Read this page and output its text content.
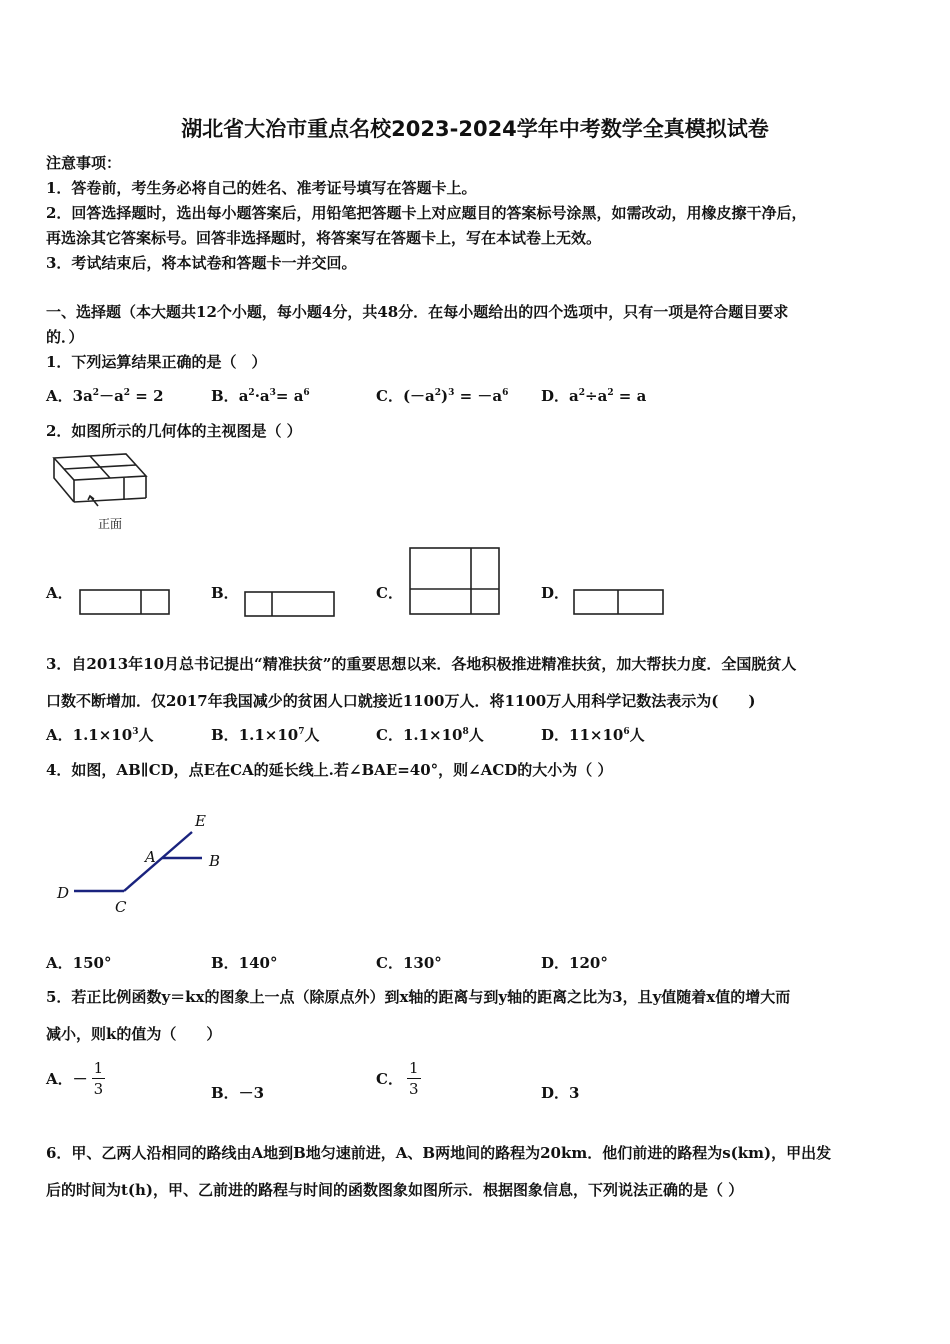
湖北省大冶市重点名校2023-2024学年中考数学全真模拟试卷
注意事项：
1．答卷前，考生务必将自己的姓名、准考证号填写在答题卡上。
2．回答选择题时，选出每小题答案后，用铅笔把答题卡上对应题目的答案标号涂黑，如需改动，用橡皮擦干净后，
再选涂其它答案标号。回答非选择题时，将答案写在答题卡上，写在本试卷上无效。
3．考试结束后，将本试卷和答题卡一并交回。
一、选择题（本大题共12个小题，每小题4分，共48分．在每小题给出的四个选项中，只有一项是符合题目要求
的．）
1．下列运算结果正确的是（　）
A．$3a^2-a^2 = 2$	B．$a^2\cdot a^3= a^6$	C．$(-a^2)^3 = -a^6$ D．$a^2\div a^2 = a$
2．如图所示的几何体的主视图是（ ）
正面
A．	B．	C．	D．
3．自2013年10月总书记提出“精准扶贫”的重要思想以来．各地积极推进精准扶贫，加大帮扶力度．全国脱贫人
口数不断增加．仅2017年我国减少的贫困人口就接近1100万人．将1100万人用科学记数法表示为(　　)
A．$1.1\times 10^3$人	B．$1.1\times 10^7$人	C．$1.1\times 10^8$人	D．$11\times 10^6$人
4．如图，AB∥CD，点E在CA的延长线上.若∠BAE=40°，则∠ACD的大小为（ ）
E
A	B
D
C
A．150°	B．140°	C．130°	D．120°
5．若正比例函数y＝kx的图象上一点（除原点外）到x轴的距离与到y轴的距离之比为3，且y值随着x值的增大而
减小，则k的值为（　　）
A．－ $\frac{1}{3}$	B．－3
C． $\frac{1}{3}$	D．3
6．甲、乙两人沿相同的路线由A地到B地匀速前进，A、B两地间的路程为20km．他们前进的路程为s(km)，甲出发
后的时间为t(h)，甲、乙前进的路程与时间的函数图象如图所示．根据图象信息，下列说法正确的是（ ）
